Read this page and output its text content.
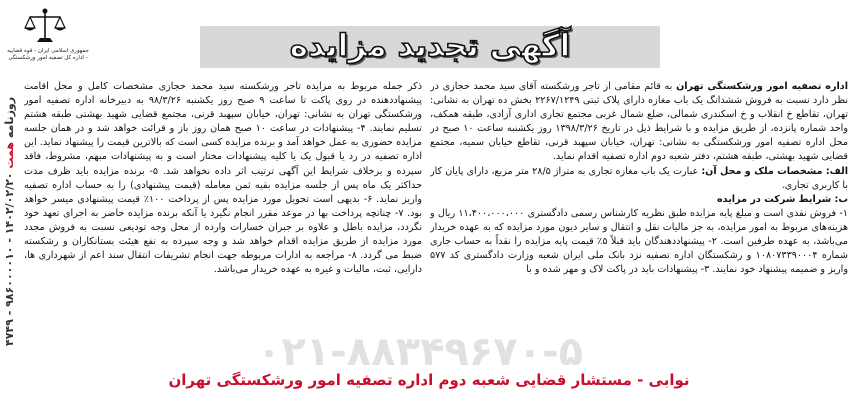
جمهوری اسلامی ایران - قوه قضاییه - اداره کل تصفیه امور ورشکستگی	آگهی تجدید مزایده
روزنامه همت ۱۴۰۲/۰۲/۲۰ - ۹۸۶۰۰۰۰۱۰ - ۴۷۴۹

اداره تصفیه امور ورشکستگی تهران به قائم مقامی از تاجر ورشکسته آقای سید محمد حجازی در نظر دارد نسبت به فروش ششدانگ یک باب مغازه دارای پلاک ثبتی ۲۲۶۷/۱۲۴۹ بخش ده تهران به نشانی: تهران، تقاطع خ انقلاب و خ اسکندری شمالی، ضلع شمال غربی مجتمع تجاری اداری آزادی، طبقه همکف، واحد شماره پانزده، از طریق مزایده و با شرایط ذیل در تاریخ ۱۳۹۸/۳/۲۶ روز یکشنبه ساعت ۱۰ صبح در محل اداره تصفیه امور ورشکستگی به نشانی: تهران، خیابان سپهبد قرنی، تقاطع خیابان سمیه، مجتمع قضایی شهید بهشتی، طبقه هشتم، دفتر شعبه دوم اداره تصفیه اقدام نماید.

الف: مشخصات ملک و محل آن: عبارت یک باب مغازه تجاری به متراژ ۲۸/۵ متر مربع، دارای پایان کار با کاربری تجاری.

ب: شرایط شرکت در مزایده

۱- فروش نقدی است و مبلغ پایه مزایده طبق نظریه کارشناس رسمی دادگستری ۱۱،۴۰۰،۰۰۰،۰۰۰ ریال و هزینه‌های مربوط به امور مزایده، به جز مالیات نقل و انتقال و سایر دیون مورد مزایده که به عهده خریدار می‌باشد، به عهده طرفین است. ۲- پیشنهاددهندگان باید قبلاً ۵٪ قیمت پایه مزایده را نقداً به حساب جاری شماره ۱۰۸۰۷۳۳۹۰۰۰۴ و رشکستگان اداره تصفیه نزد بانک ملی ایران شعبه وزارت دادگستری کد ۵۷۷ واریز و ضمیمه پیشنهاد خود نمایند. ۳- پیشنهادات باید در پاکت لاک و مهر شده و با

ذکر جمله مربوط به مزایده تاجر ورشکسته سید محمد حجازی مشخصات کامل و محل اقامت پیشنهاددهنده در روی پاکت تا ساعت ۹ صبح روز یکشنبه ۹۸/۳/۲۶ به دبیرخانه اداره تصفیه امور ورشکستگی تهران به نشانی: تهران، خیابان سپهبد قرنی، مجتمع قضایی شهید بهشتی طبقه هشتم تسلیم نمایند. ۴- پیشنهادات در ساعت ۱۰ صبح همان روز باز و قرائت خواهد شد و در همان جلسه مزایده حضوری به عمل خواهد آمد و برنده مزایده کسی است که بالاترین قیمت را پیشنهاد نماید. این اداره تصفیه در رد یا قبول یک یا کلیه پیشنهادات مختار است و به پیشنهادات مبهم، مشروط، فاقد سپرده و برخلاف شرایط این آگهی ترتیب اثر داده نخواهد شد. ۵- برنده مزایده باید ظرف مدت حداکثر یک ماه پس از جلسه مزایده بقیه ثمن معامله (قیمت پیشنهادی) را به حساب اداره تصفیه واریز نماید. ۶- بدیهی است تحویل مورد مزایده پس از پرداخت ۱۰۰٪ قیمت پیشنهادی میسر خواهد بود. ۷- چنانچه پرداخت بها در موعد مقرر انجام نگیرد یا آنکه برنده مزایده حاضر به اجرای تعهد خود نگردد، مزایده باطل و علاوه بر جبران خسارات وارده از محل وجه تودیعی نسبت به فروش مجدد مورد مزایده از طریق مزایده اقدام خواهد شد و وجه سپرده به نفع هیئت بستانکاران و رشکسته ضبط می گردد. ۸- مراجعه به ادارات مربوطه جهت انجام تشریفات انتقال سند اعم از شهرداری ها، دارایی، ثبت، مالیات و غیره به عهده خریدار می‌باشد.

۰۲۱-۸۸۳۴۹۶۷۰-۵
نوابی - مستشار قضایی شعبه دوم اداره تصفیه امور ورشکستگی تهران
